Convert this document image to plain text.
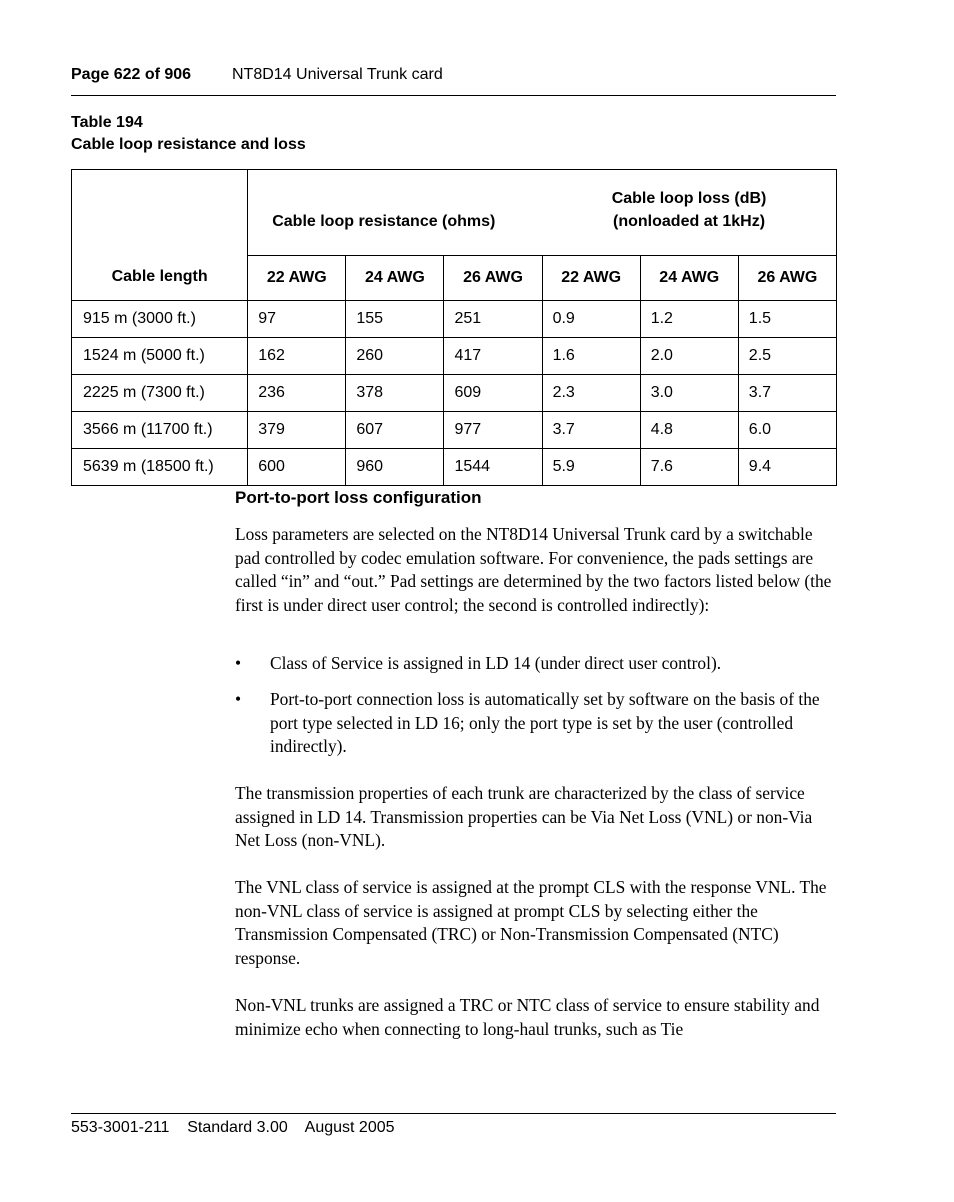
Page 622 of 906	NT8D14 Universal Trunk card
Table 194
Cable loop resistance and loss
Cable length	Cable loop resistance (ohms)			Cable loop loss (dB)
(nonloaded at 1kHz)		

	22 AWG	24 AWG	26 AWG	22 AWG	24 AWG	26 AWG
915 m (3000 ft.)	97	155	251	0.9	1.2	1.5
1524 m (5000 ft.)	162	260	417	1.6	2.0	2.5
2225 m (7300 ft.)	236	378	609	2.3	3.0	3.7
3566 m (11700 ft.)	379	607	977	3.7	4.8	6.0
5639 m (18500 ft.)	600	960	1544	5.9	7.6	9.4
Port-to-port loss configuration
Loss parameters are selected on the NT8D14 Universal Trunk card by a switchable pad controlled by codec emulation software. For convenience, the pads settings are called “in” and “out.” Pad settings are determined by the two factors listed below (the first is under direct user control; the second is controlled indirectly):
• Class of Service is assigned in LD 14 (under direct user control).
• Port-to-port connection loss is automatically set by software on the basis of the port type selected in LD 16; only the port type is set by the user (controlled indirectly).
The transmission properties of each trunk are characterized by the class of service assigned in LD 14. Transmission properties can be Via Net Loss (VNL) or non-Via Net Loss (non-VNL).
The VNL class of service is assigned at the prompt CLS with the response VNL. The non-VNL class of service is assigned at prompt CLS by selecting either the Transmission Compensated (TRC) or Non-Transmission Compensated (NTC) response.
Non-VNL trunks are assigned a TRC or NTC class of service to ensure stability and minimize echo when connecting to long-haul trunks, such as Tie
553-3001-211 Standard 3.00 August 2005
